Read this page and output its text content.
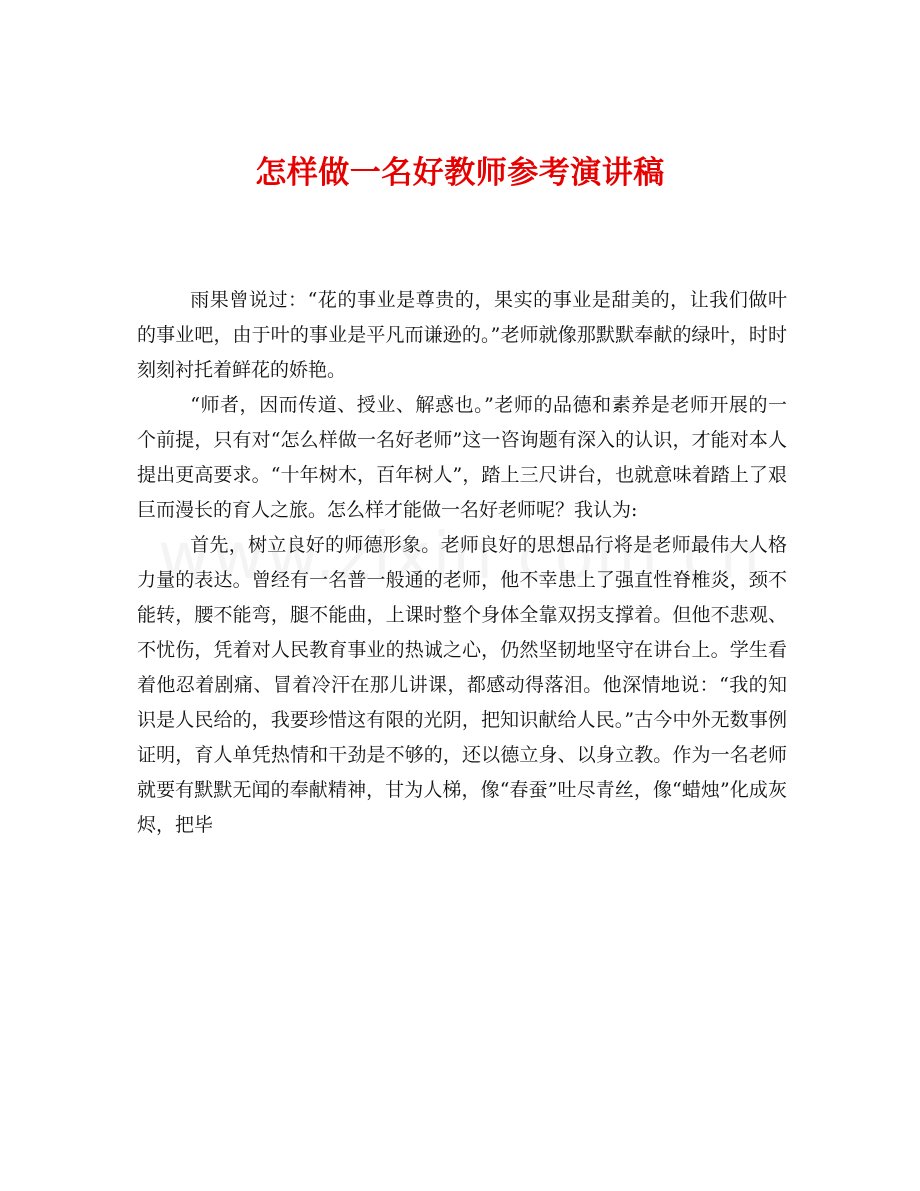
怎样做一名好教师参考演讲稿

雨果曾说过：“花的事业是尊贵的，果实的事业是甜美的，让我们做叶的事业吧，由于叶的事业是平凡而谦逊的。”老师就像那默默奉献的绿叶，时时刻刻衬托着鲜花的娇艳。

“师者，因而传道、授业、解惑也。”老师的品德和素养是老师开展的一个前提，只有对“怎么样做一名好老师”这一咨询题有深入的认识，才能对本人提出更高要求。“十年树木，百年树人”，踏上三尺讲台，也就意味着踏上了艰巨而漫长的育人之旅。怎么样才能做一名好老师呢？我认为:

首先，树立良好的师德形象。老师良好的思想品行将是老师最伟大人格力量的表达。曾经有一名普一般通的老师，他不幸患上了强直性脊椎炎，颈不能转，腰不能弯，腿不能曲，上课时整个身体全靠双拐支撑着。但他不悲观、不忧伤，凭着对人民教育事业的热诚之心，仍然坚韧地坚守在讲台上。学生看着他忍着剧痛、冒着冷汗在那儿讲课，都感动得落泪。他深情地说：“我的知识是人民给的，我要珍惜这有限的光阴，把知识献给人民。”古今中外无数事例证明，育人单凭热情和干劲是不够的，还以德立身、以身立教。作为一名老师就要有默默无闻的奉献精神，甘为人梯，像“春蚕”吐尽青丝，像“蜡烛”化成灰烬，把毕
